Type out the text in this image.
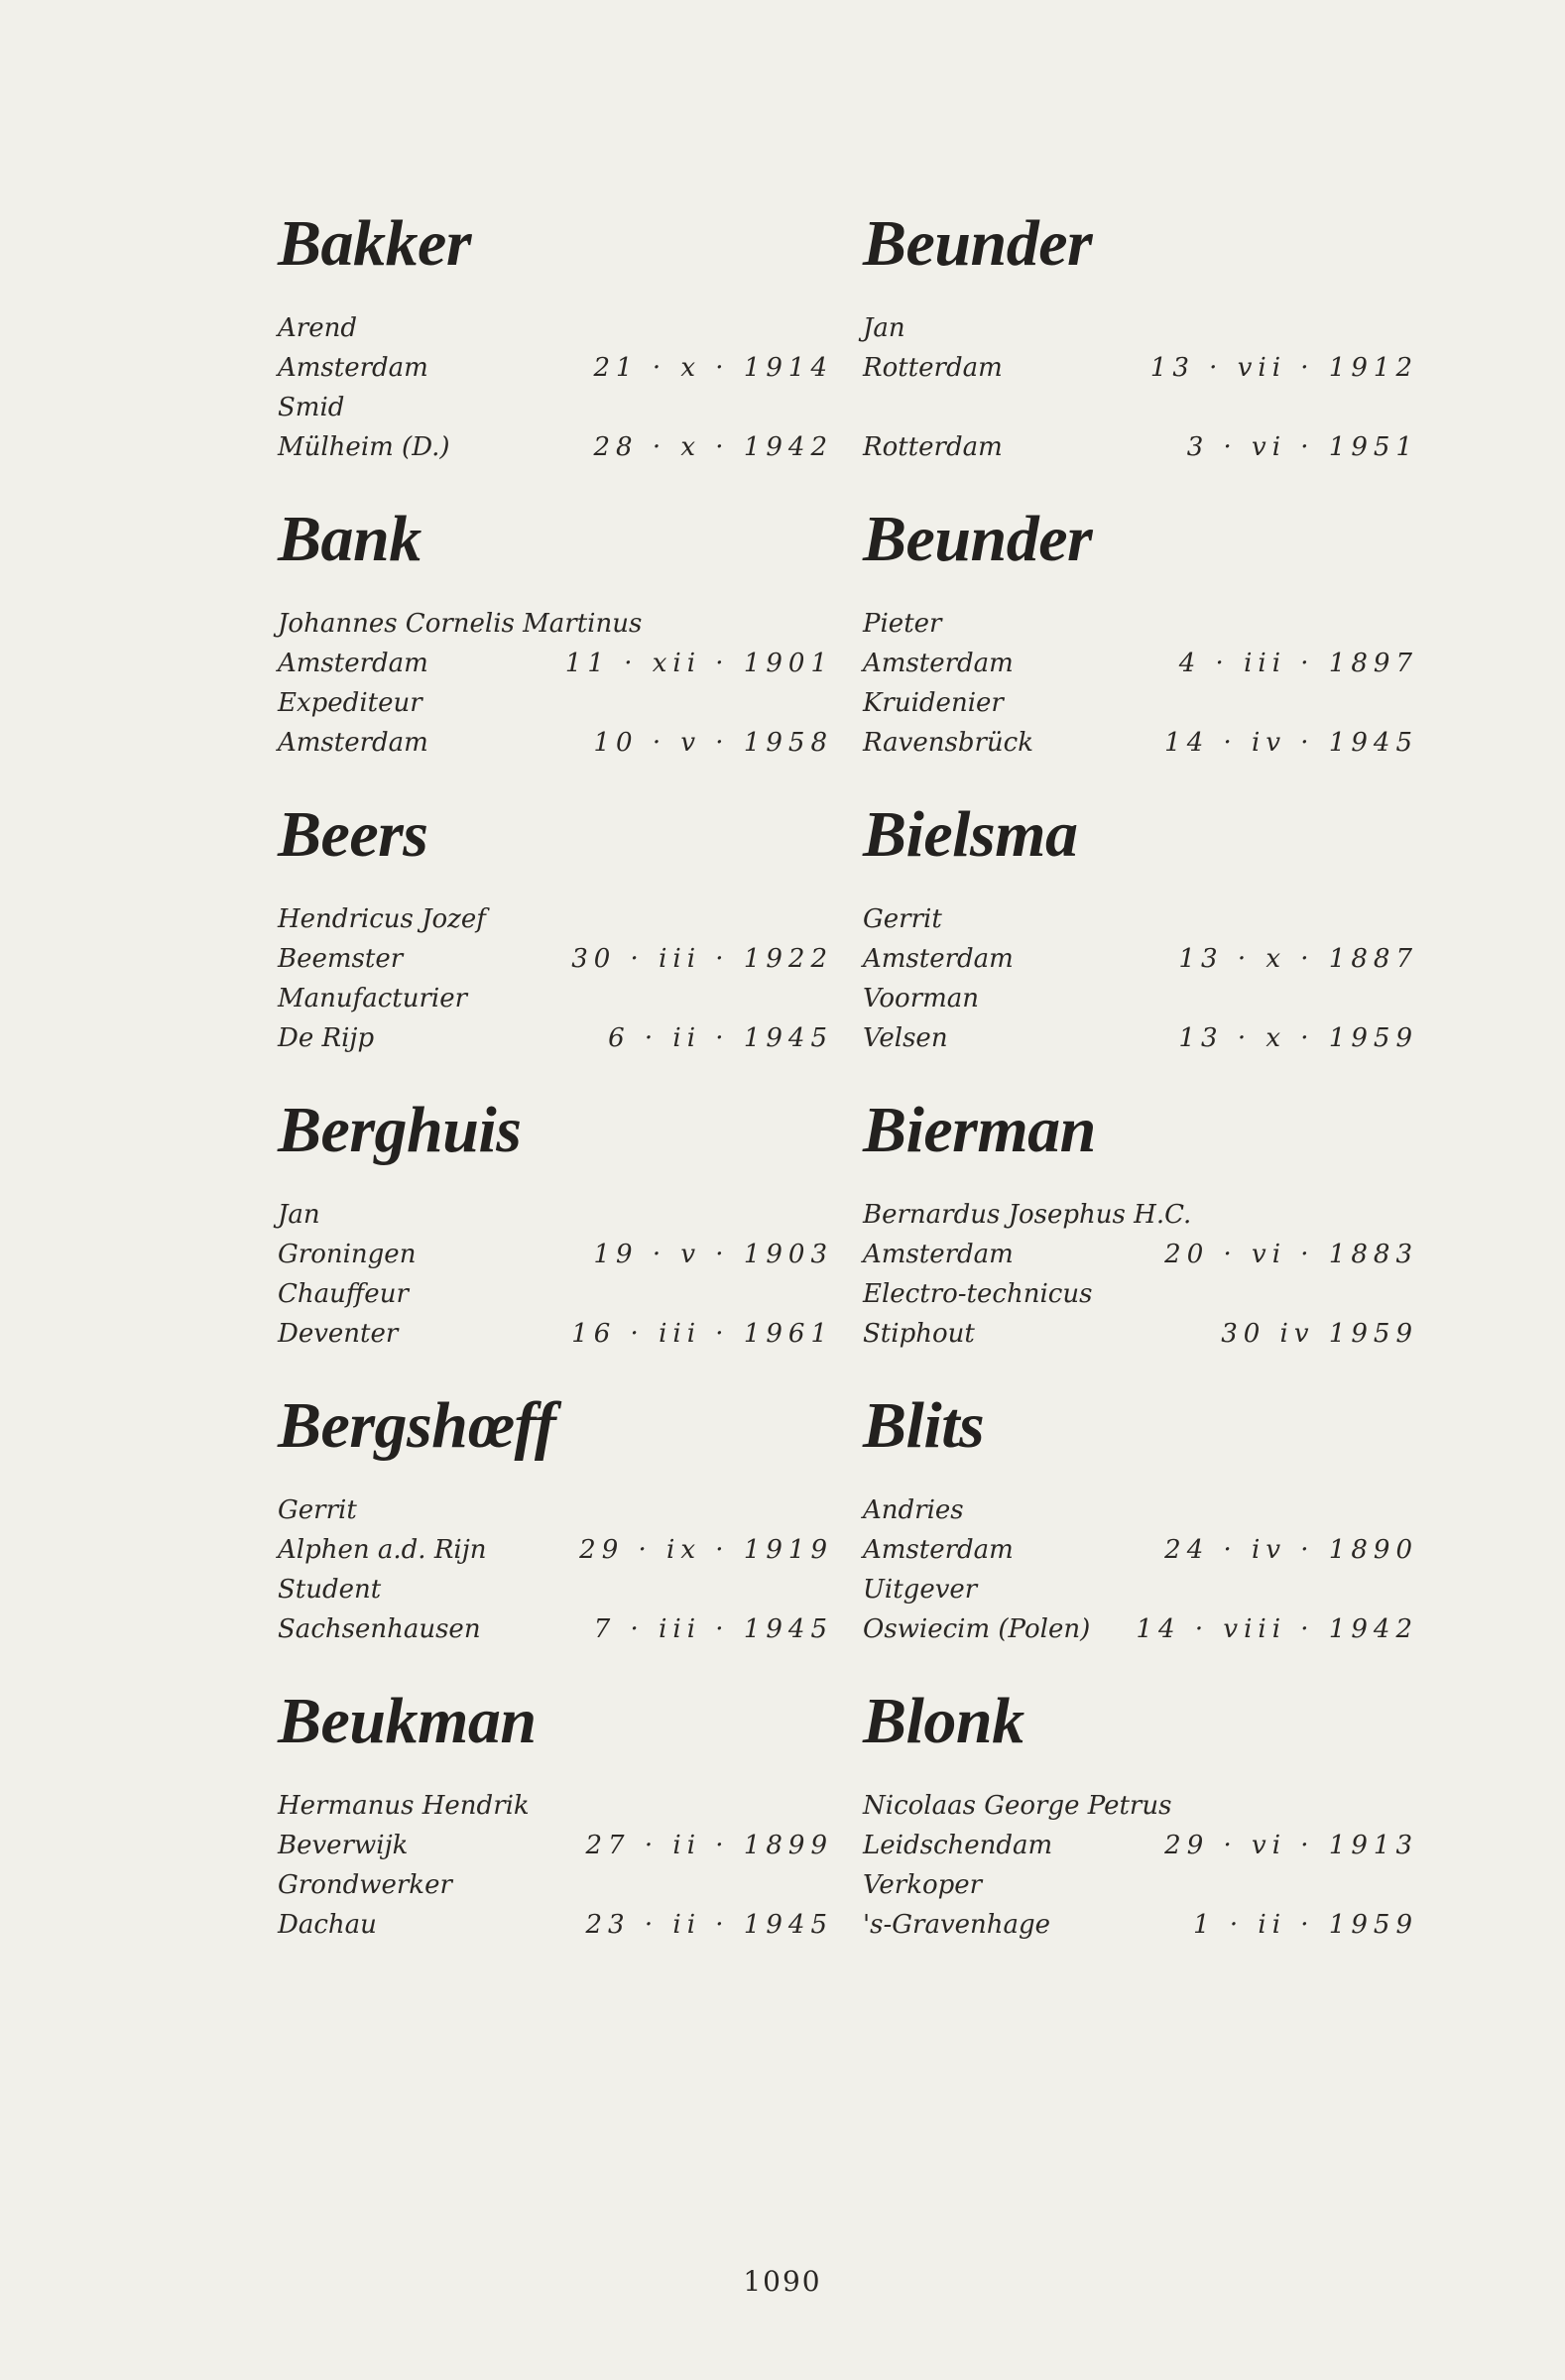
Bakker
Arend
Amsterdam	21 · x · 1914
Smid
Mülheim (D.)	28 · x · 1942
Bank
Johannes Cornelis Martinus
Amsterdam	11 · xii · 1901
Expediteur
Amsterdam	10 · v · 1958
Beers
Hendricus Jozef
Beemster	30 · iii · 1922
Manufacturier
De Rijp	6 · ii · 1945
Berghuis
Jan
Groningen	19 · v · 1903
Chauffeur
Deventer	16 · iii · 1961
Bergshœff
Gerrit
Alphen a.d. Rijn	29 · ix · 1919
Student
Sachsenhausen	7 · iii · 1945
Beukman
Hermanus Hendrik
Beverwijk	27 · ii · 1899
Grondwerker
Dachau	23 · ii · 1945
Beunder
Jan
Rotterdam	13 · vii · 1912
Rotterdam	3 · vi · 1951
Beunder
Pieter
Amsterdam	4 · iii · 1897
Kruidenier
Ravensbrück	14 · iv · 1945
Bielsma
Gerrit
Amsterdam	13 · x · 1887
Voorman
Velsen	13 · x · 1959
Bierman
Bernardus Josephus H.C.
Amsterdam	20 · vi · 1883
Electro-technicus
Stiphout	30 iv 1959
Blits
Andries
Amsterdam	24 · iv · 1890
Uitgever
Oswiecim (Polen) 14 · viii · 1942
Blonk
Nicolaas George Petrus
Leidschendam	29 · vi · 1913
Verkoper
's-Gravenhage	1 · ii · 1959
1090
